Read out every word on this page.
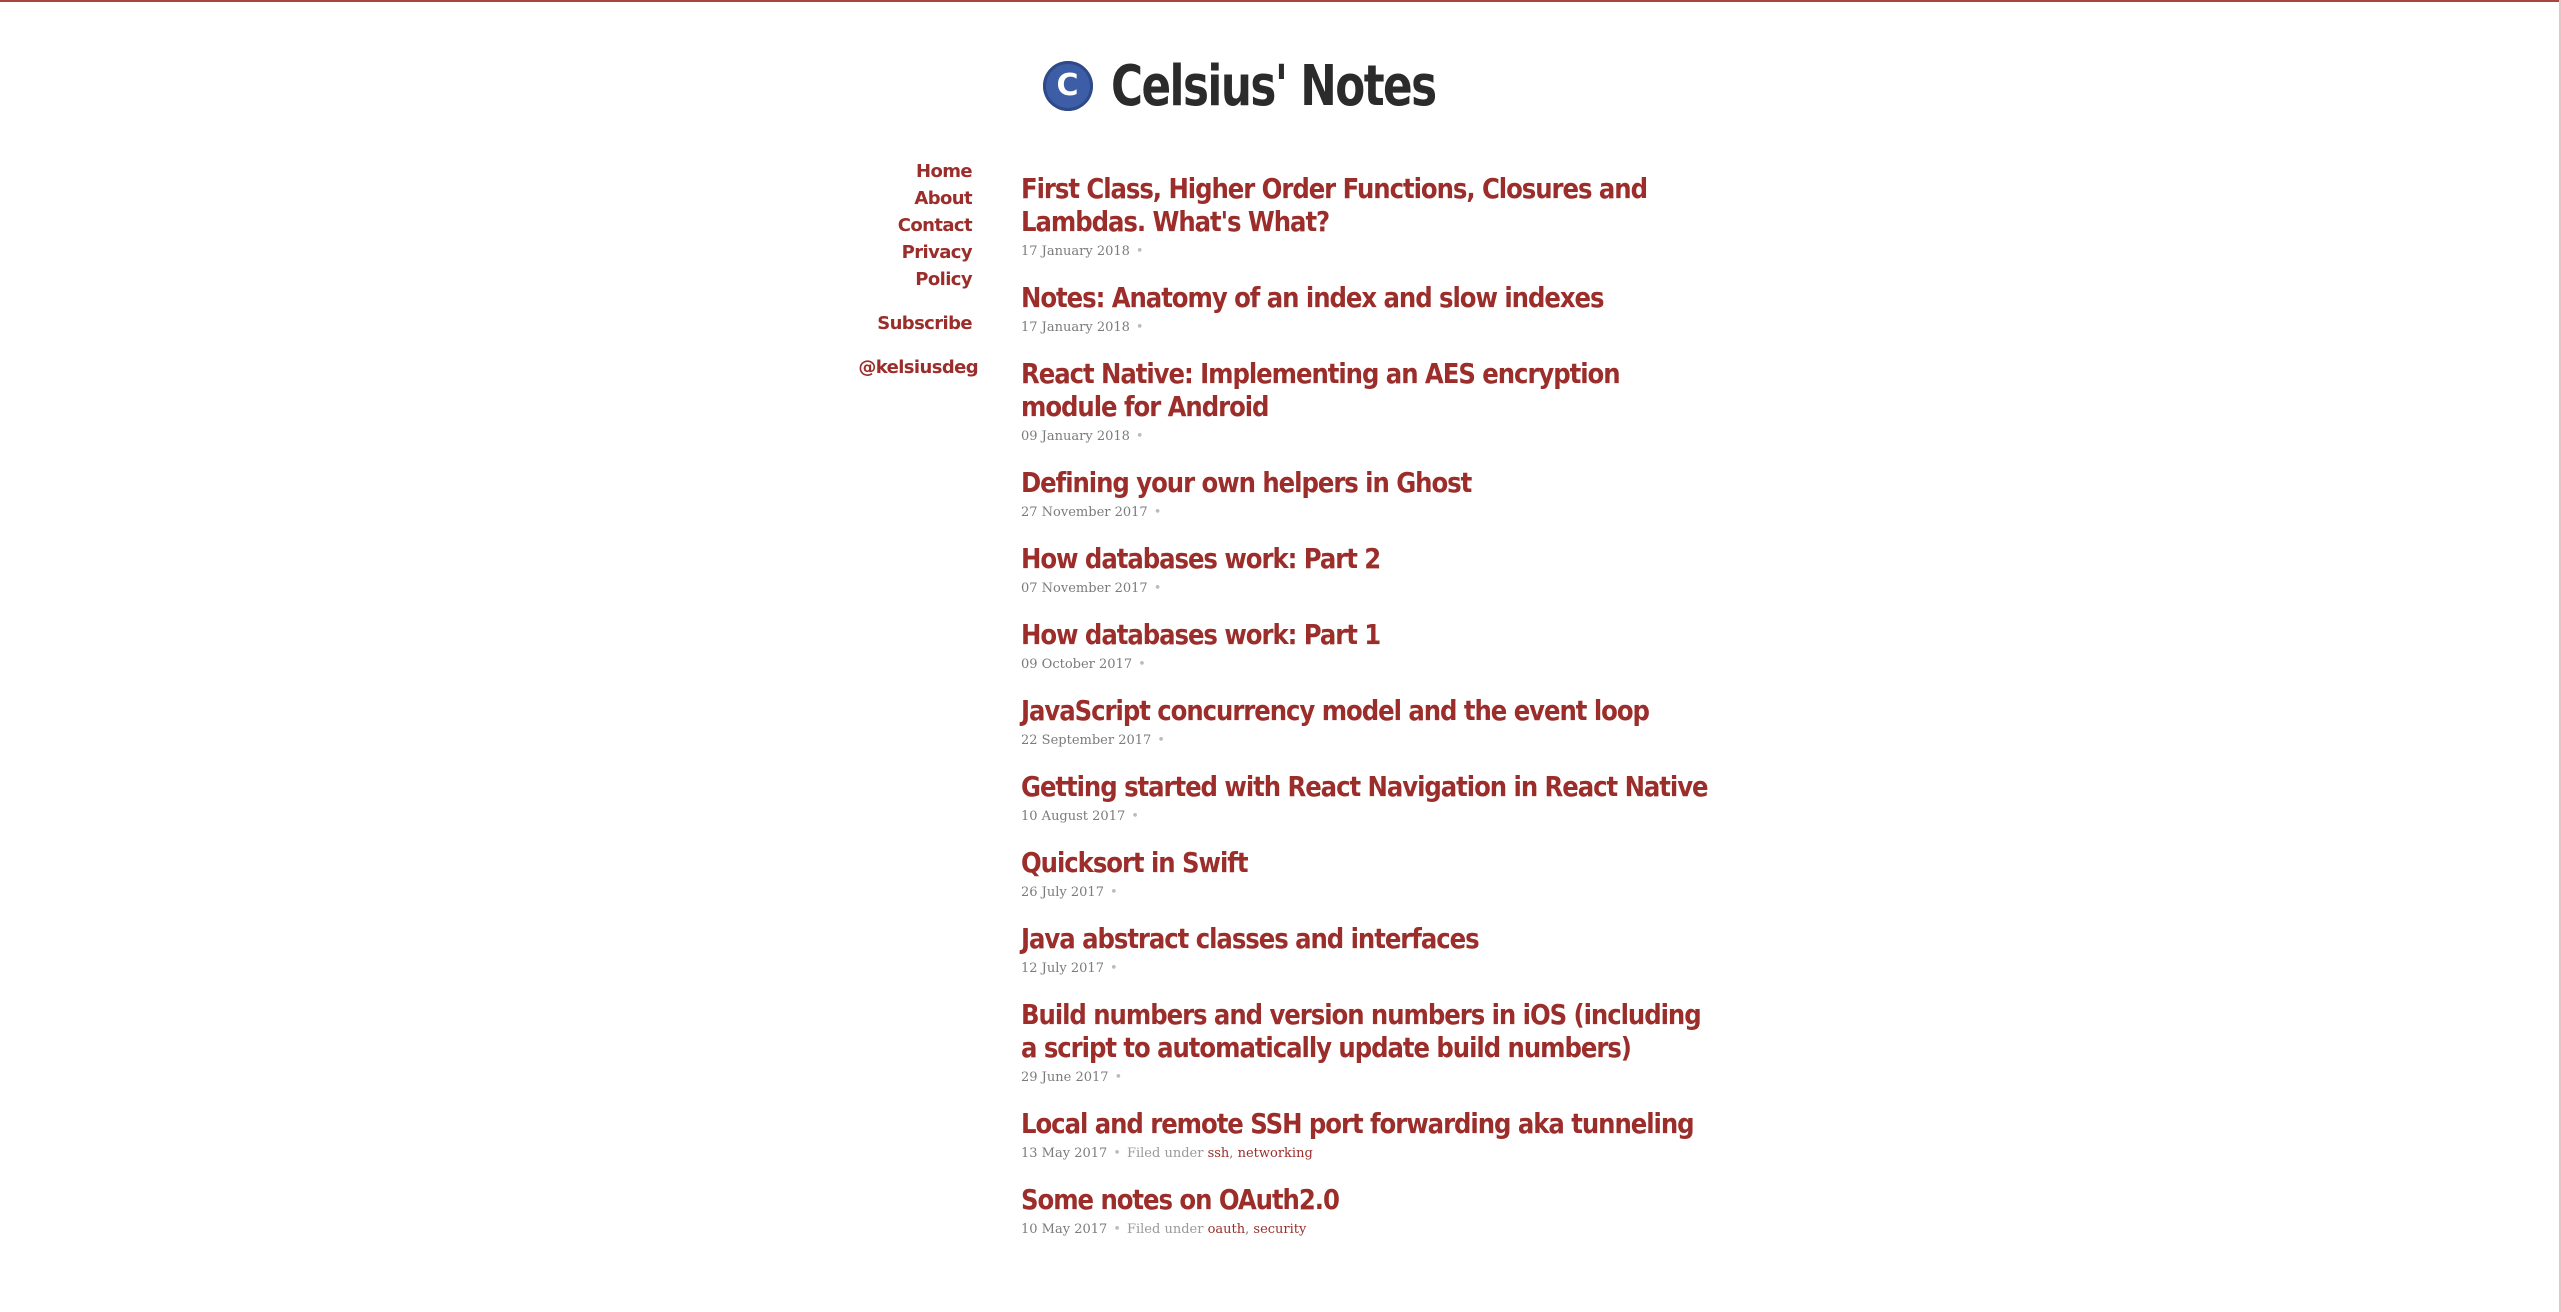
C Celsius' Notes
Home
About
Contact
Privacy
Policy
Subscribe
@kelsiusdeg
First Class, Higher Order Functions, Closures and Lambdas. What's What?
17 January 2018 •
Notes: Anatomy of an index and slow indexes
17 January 2018 •
React Native: Implementing an AES encryption module for Android
09 January 2018 •
Defining your own helpers in Ghost
27 November 2017 •
How databases work: Part 2
07 November 2017 •
How databases work: Part 1
09 October 2017 •
JavaScript concurrency model and the event loop
22 September 2017 •
Getting started with React Navigation in React Native
10 August 2017 •
Quicksort in Swift
26 July 2017 •
Java abstract classes and interfaces
12 July 2017 •
Build numbers and version numbers in iOS (including a script to automatically update build numbers)
29 June 2017 •
Local and remote SSH port forwarding aka tunneling
13 May 2017 • Filed under ssh, networking
Some notes on OAuth2.0
10 May 2017 • Filed under oauth, security
